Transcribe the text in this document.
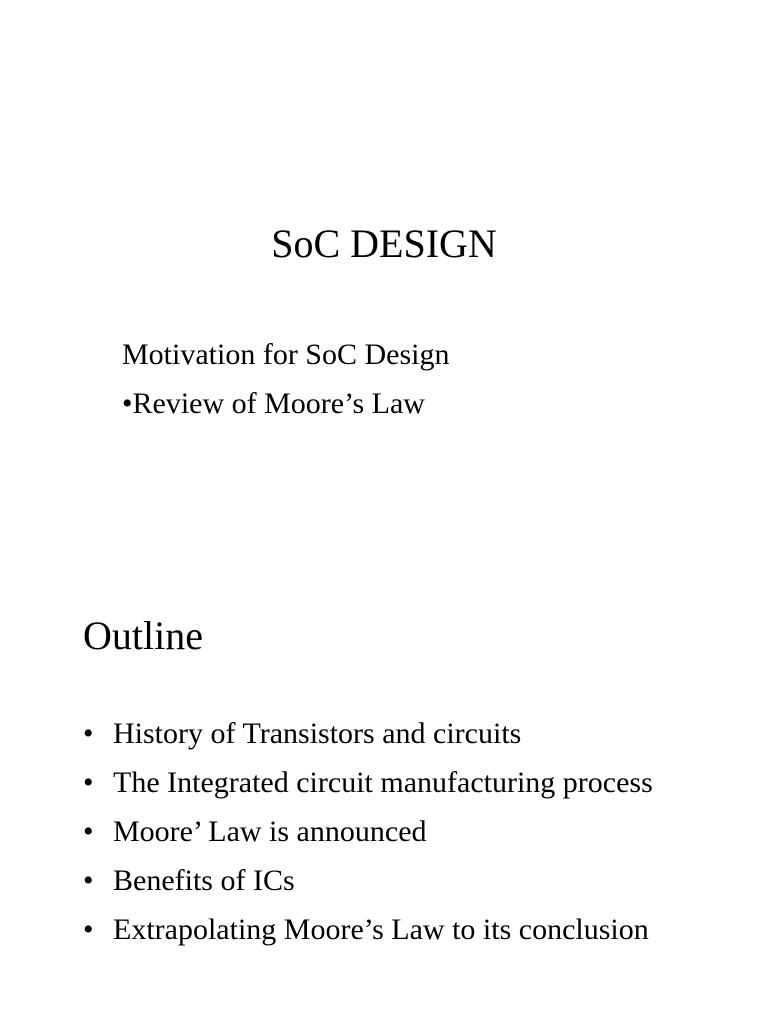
SoC DESIGN
Motivation for SoC Design
•Review of Moore’s Law
Outline
• History of Transistors and circuits
• The Integrated circuit manufacturing process
• Moore’ Law is announced
• Benefits of ICs
• Extrapolating Moore’s Law to its conclusion
